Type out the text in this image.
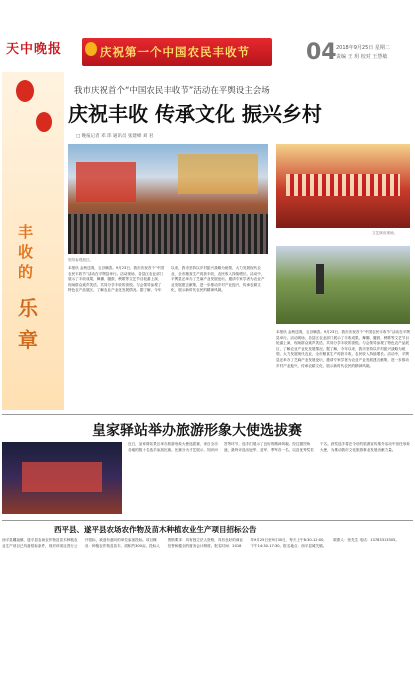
天中晚报	庆祝第一个中国农民丰收节	04 2018年9月25日 星期二
责编 王 玥 校对 王慧敏
丰收的
乐章
我市庆祝首个“中国农民丰收节”活动在平舆设主会场
庆祝丰收 传承文化 振兴乡村
□ 晚报记者 邓 玮 通讯员 张建峰 刘 君
文艺演出现场。
领导参观展区。
本报讯 金秋送爽，五谷飘香。9月23日，我市庆祝首个“中国农民丰收节”活动在平舆县举行。活动现场，各县区农业部门展示了丰收成果，舞狮、腰鼓、秧歌等文艺节目轮番上演，现场群众欢声笑语，共同分享丰收的喜悦。与会领导参观了特色农产品展区，了解农业产业化发展情况。据了解，今年以来，我市坚持以乡村振兴战略为统领，大力发展现代农业，全市粮食生产再获丰收，农民收入持续增长。活动中，平舆县还举办了芝麻产业发展论坛，邀请专家学者为农业产业发展建言献策，进一步推动乡村产业振兴，传承农耕文化，展示新时代农民的精神风貌。
本报讯 金秋送爽，五谷飘香。9月23日，我市庆祝首个“中国农民丰收节”活动在平舆县举行。活动现场，各县区农业部门展示了丰收成果，舞狮、腰鼓、秧歌等文艺节目轮番上演，现场群众欢声笑语，共同分享丰收的喜悦。与会领导参观了特色农产品展区，了解农业产业化发展情况。据了解，今年以来，我市坚持以乡村振兴战略为统领，大力发展现代农业，全市粮食生产再获丰收，农民收入持续增长。活动中，平舆县还举办了芝麻产业发展论坛，邀请专家学者为农业产业发展建言献策，进一步推动乡村产业振兴，传承农耕文化，展示新时代农民的精神风貌。
皇家驿站举办旅游形象大使选拔赛
近日，皇家驿站景区举办旅游形象大使选拔赛，来自全市各地的数十名选手参加比赛。比赛分为才艺展示、知识问答等环节，选手们展示了良好的精神风貌。经过激烈角逐，最终评选出冠军、亚军、季军各一名，以及优秀奖若干名。获奖选手将在今后的旅游宣传推介活动中担任形象大使，为推动我市文化旅游事业发展贡献力量。
西平县、遂平县农场农作物及苗木种植农业生产项目招标公告
西平县嫘祖镇、遂平县农场农作物及苗木种植农业生产项目已具备招标条件，现对该项目进行公开招标，欢迎有意向的单位参加投标。项目概况：种植农作物及苗木，面积约300亩。投标人资格要求：具有独立法人资格，具有良好的商业信誉和健全的财务会计制度。报名时间：2018年9月25日至9月30日，每天上午8:30-12:00，下午14:30-17:30。报名地点：西平县城关镇。联系人：张先生 电话：13783313305。
